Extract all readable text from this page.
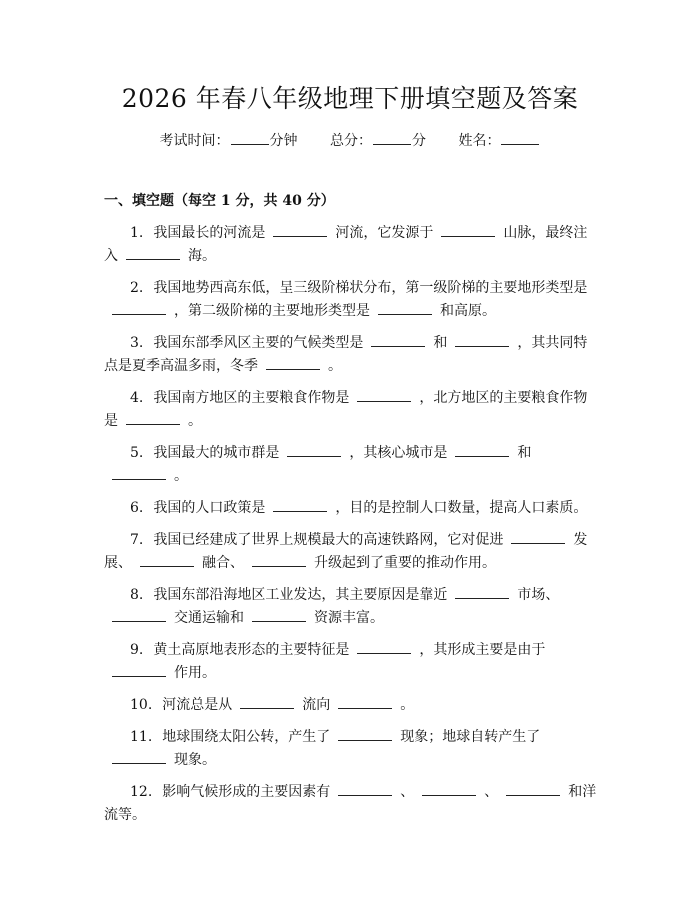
2026 年春八年级地理下册填空题及答案
考试时间：	分钟 总分：	分 姓名：
一、填空题（每空 1 分，共 40 分）

1. 我国最长的河流是	河流，它发源于	山脉，最终注入	海。

2. 我国地势西高东低，呈三级阶梯状分布，第一级阶梯的主要地形类型是，第二级阶梯的主要地形类型是	和高原。

3. 我国东部季风区主要的气候类型是	和	，其共同特点是夏季高温多雨，冬季	。

4. 我国南方地区的主要粮食作物是	，北方地区的主要粮食作物是	。

5. 我国最大的城市群是	，其核心城市是	和。

6. 我国的人口政策是	，目的是控制人口数量，提高人口素质。

7. 我国已经建成了世界上规模最大的高速铁路网，它对促进	发展、	融合、	升级起到了重要的推动作用。

8. 我国东部沿海地区工业发达，其主要原因是靠近	市场、交通运输和	资源丰富。

9. 黄土高原地表形态的主要特征是	，其形成主要是由于作用。

10. 河流总是从	流向	。

11. 地球围绕太阳公转，产生了	现象；地球自转产生了现象。

12. 影响气候形成的主要因素有	、	、	和洋流等。
